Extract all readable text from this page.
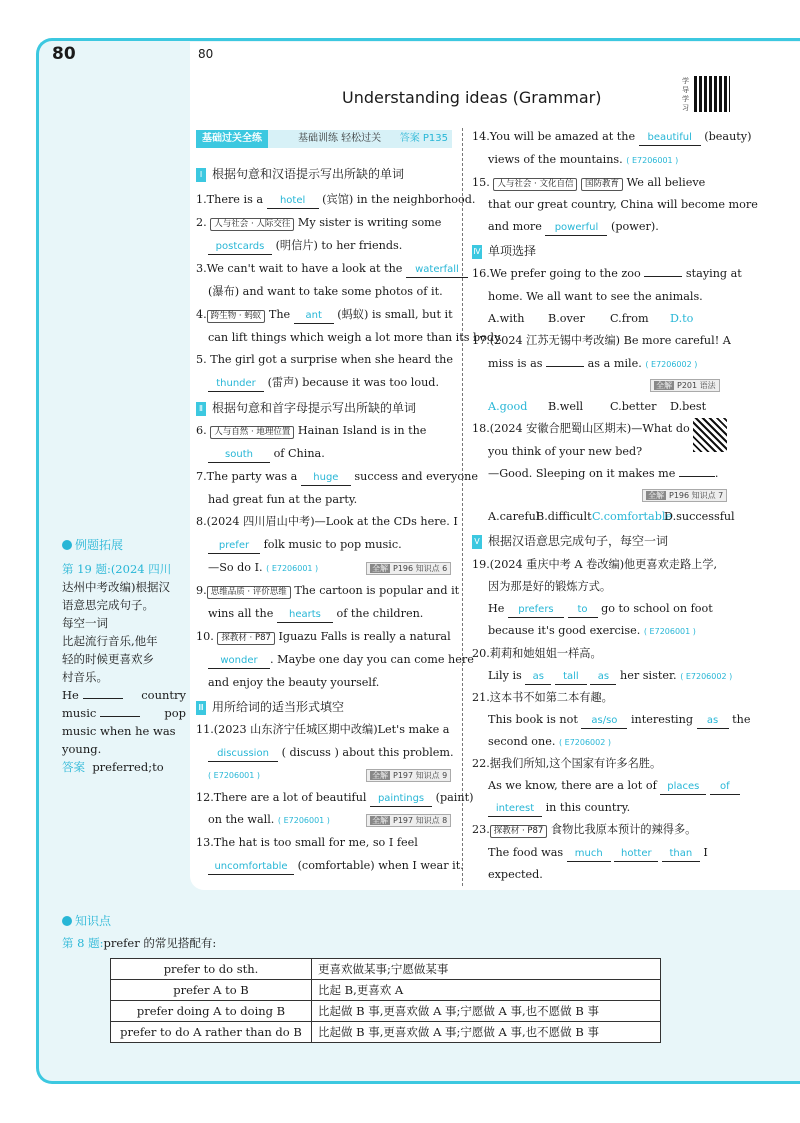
80	80
Understanding ideas (Grammar)
学 导 学 习
基础过关全练	基础训练 轻松过关 答案 P135
Ⅰ 根据句意和汉语提示写出所缺的单词
1.There is a hotel (宾馆) in the neighborhood.
2. 人与社会 · 人际交往 My sister is writing some
postcards (明信片) to her friends.
3.We can't wait to have a look at the waterfall
(瀑布) and want to take some photos of it.
4. 跨生物 · 蚂蚁 The ant (蚂蚁) is small, but it
can lift things which weigh a lot more than its body.
5. The girl got a surprise when she heard the
thunder (雷声) because it was too loud.
Ⅱ 根据句意和首字母提示写出所缺的单词
6. 人与自然 · 地理位置 Hainan Island is in the
south of China.
7.The party was a huge success and everyone
had great fun at the party.
8.(2024 四川眉山中考)—Look at the CDs here. I
prefer folk music to pop music.
—So do I. ( E7206001 )	全解 P196 知识点 6
9. 思维品质 · 评价思维 The cartoon is popular and it
wins all the hearts of the children.
10. 探教材 · P87 Iguazu Falls is really a natural
wonder . Maybe one day you can come here
and enjoy the beauty yourself.
Ⅲ 用所给词的适当形式填空
11.(2023 山东济宁任城区期中改编)Let's make a
discussion ( discuss ) about this problem.
( E7206001 )	全解 P197 知识点 9
12.There are a lot of beautiful paintings (paint)
on the wall. ( E7206001 )	全解 P197 知识点 8
13.The hat is too small for me, so I feel
uncomfortable (comfortable) when I wear it.
14.You will be amazed at the beautiful (beauty)
views of the mountains. ( E7206001 )
15. 人与社会 · 文化自信 国防教育 We all believe
that our great country, China will become more
and more powerful (power).
Ⅳ 单项选择
16.We prefer going to the zoo	staying at
home. We all want to see the animals.
A.with B.over C.from D.to
17.(2024 江苏无锡中考改编) Be more careful! A
miss is as	as a mile. ( E7206002 )
全解 P201 语法
A.good B.well C.better D.best
18.(2024 安徽合肥蜀山区期末)—What do
you think of your new bed?
—Good. Sleeping on it makes me	.
全解 P196 知识点 7
A.carefulB.difficultC.comfortableD.successful
Ⅴ 根据汉语意思完成句子，每空一词
19.(2024 重庆中考 A 卷改编)他更喜欢走路上学,
因为那是好的锻炼方式。
He prefers to go to school on foot
because it's good exercise. ( E7206001 )
20.莉莉和她姐姐一样高。
Lily is as tall as her sister. ( E7206002 )
21.这本书不如第二本有趣。
This book is not as/so interesting as the
second one. ( E7206002 )
22.据我们所知,这个国家有许多名胜。
As we know, there are a lot of places of
interest in this country.
23. 探教材 · P87 食物比我原本预计的辣得多。
The food was much hotter than I
expected.
例题拓展
第 19 题:(2024 四川
达州中考改编)根据汉
语意思完成句子。
每空一词
比起流行音乐,他年
轻的时候更喜欢乡
村音乐。
He	country
music	pop
music when he was
young.
答案 preferred;to
知识点
第 8 题:prefer 的常见搭配有:
prefer to do sth.	更喜欢做某事;宁愿做某事
prefer A to B	比起 B,更喜欢 A
prefer doing A to doing B	比起做 B 事,更喜欢做 A 事;宁愿做 A 事,也不愿做 B 事
prefer to do A rather than do B	比起做 B 事,更喜欢做 A 事;宁愿做 A 事,也不愿做 B 事
